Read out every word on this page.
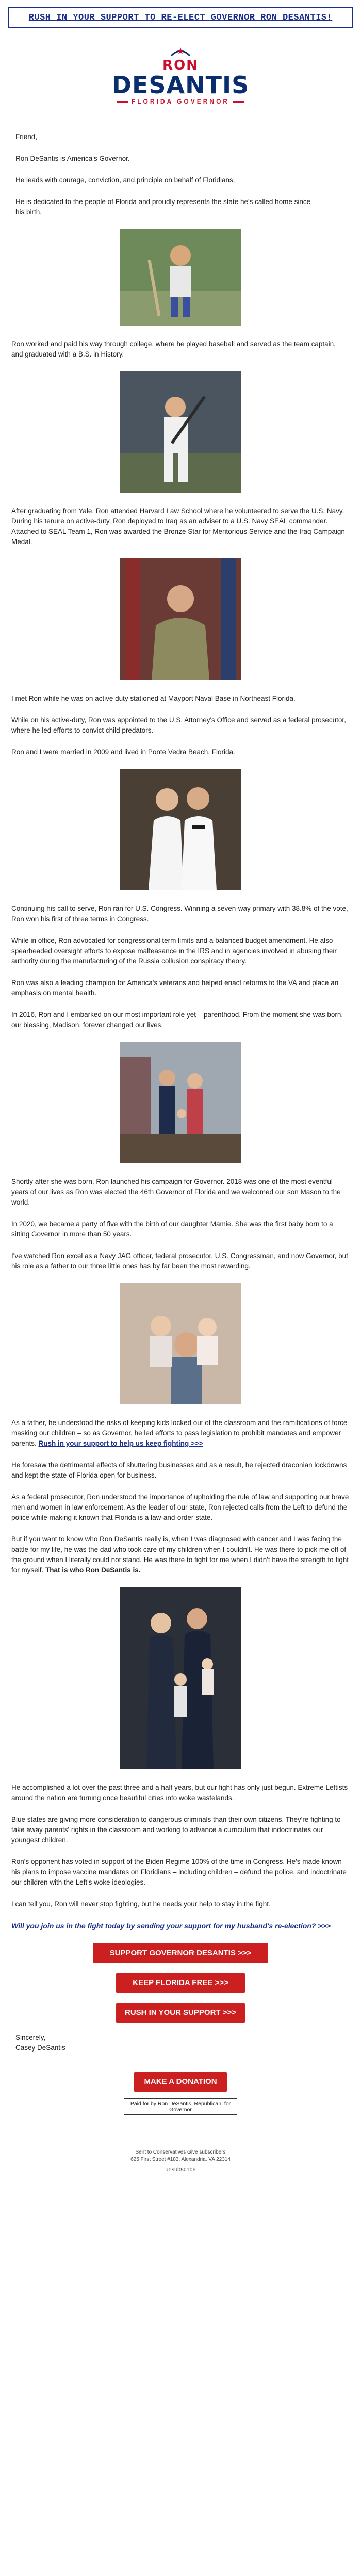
RUSH IN YOUR SUPPORT TO RE-ELECT GOVERNOR RON DESANTIS!
RON
DESANTIS
FLORIDA GOVERNOR

Friend,

Ron DeSantis is America's Governor.

He leads with courage, conviction, and principle on behalf of Floridians.

He is dedicated to the people of Florida and proudly represents the state he's called home since his birth.

Ron worked and paid his way through college, where he played baseball and served as the team captain, and graduated with a B.S. in History.

After graduating from Yale, Ron attended Harvard Law School where he volunteered to serve the U.S. Navy. During his tenure on active-duty, Ron deployed to Iraq as an adviser to a U.S. Navy SEAL commander. Attached to SEAL Team 1, Ron was awarded the Bronze Star for Meritorious Service and the Iraq Campaign Medal.

I met Ron while he was on active duty stationed at Mayport Naval Base in Northeast Florida.

While on his active-duty, Ron was appointed to the U.S. Attorney's Office and served as a federal prosecutor, where he led efforts to convict child predators.

Ron and I were married in 2009 and lived in Ponte Vedra Beach, Florida.

Continuing his call to serve, Ron ran for U.S. Congress. Winning a seven-way primary with 38.8% of the vote, Ron won his first of three terms in Congress.

While in office, Ron advocated for congressional term limits and a balanced budget amendment. He also spearheaded oversight efforts to expose malfeasance in the IRS and in agencies involved in abusing their authority during the manufacturing of the Russia collusion conspiracy theory.

Ron was also a leading champion for America's veterans and helped enact reforms to the VA and place an emphasis on mental health.

In 2016, Ron and I embarked on our most important role yet – parenthood. From the moment she was born, our blessing, Madison, forever changed our lives.

Shortly after she was born, Ron launched his campaign for Governor. 2018 was one of the most eventful years of our lives as Ron was elected the 46th Governor of Florida and we welcomed our son Mason to the world.

In 2020, we became a party of five with the birth of our daughter Mamie. She was the first baby born to a sitting Governor in more than 50 years.

I've watched Ron excel as a Navy JAG officer, federal prosecutor, U.S. Congressman, and now Governor, but his role as a father to our three little ones has by far been the most rewarding.

As a father, he understood the risks of keeping kids locked out of the classroom and the ramifications of force-masking our children – so as Governor, he led efforts to pass legislation to prohibit mandates and empower parents. Rush in your support to help us keep fighting >>>

He foresaw the detrimental effects of shuttering businesses and as a result, he rejected draconian lockdowns and kept the state of Florida open for business.

As a federal prosecutor, Ron understood the importance of upholding the rule of law and supporting our brave men and women in law enforcement. As the leader of our state, Ron rejected calls from the Left to defund the police while making it known that Florida is a law-and-order state.

But if you want to know who Ron DeSantis really is, when I was diagnosed with cancer and I was facing the battle for my life, he was the dad who took care of my children when I couldn't. He was there to pick me off of the ground when I literally could not stand. He was there to fight for me when I didn't have the strength to fight for myself. That is who Ron DeSantis is.

He accomplished a lot over the past three and a half years, but our fight has only just begun. Extreme Leftists around the nation are turning once beautiful cities into woke wastelands.

Blue states are giving more consideration to dangerous criminals than their own citizens. They're fighting to take away parents' rights in the classroom and working to advance a curriculum that indoctrinates our youngest children.

Ron's opponent has voted in support of the Biden Regime 100% of the time in Congress. He's made known his plans to impose vaccine mandates on Floridians – including children – defund the police, and indoctrinate our children with the Left's woke ideologies.

I can tell you, Ron will never stop fighting, but he needs your help to stay in the fight.

Will you join us in the fight today by sending your support for my husband's re-election? >>>

SUPPORT GOVERNOR DESANTIS >>>
KEEP FLORIDA FREE >>>
RUSH IN YOUR SUPPORT >>>

Sincerely,

Casey DeSantis

MAKE A DONATION
Paid for by Ron DeSantis, Republican, for Governor
Sent to Conservatives Give subscribers
625 First Street #183, Alexandria, VA 22314
unsubscribe
